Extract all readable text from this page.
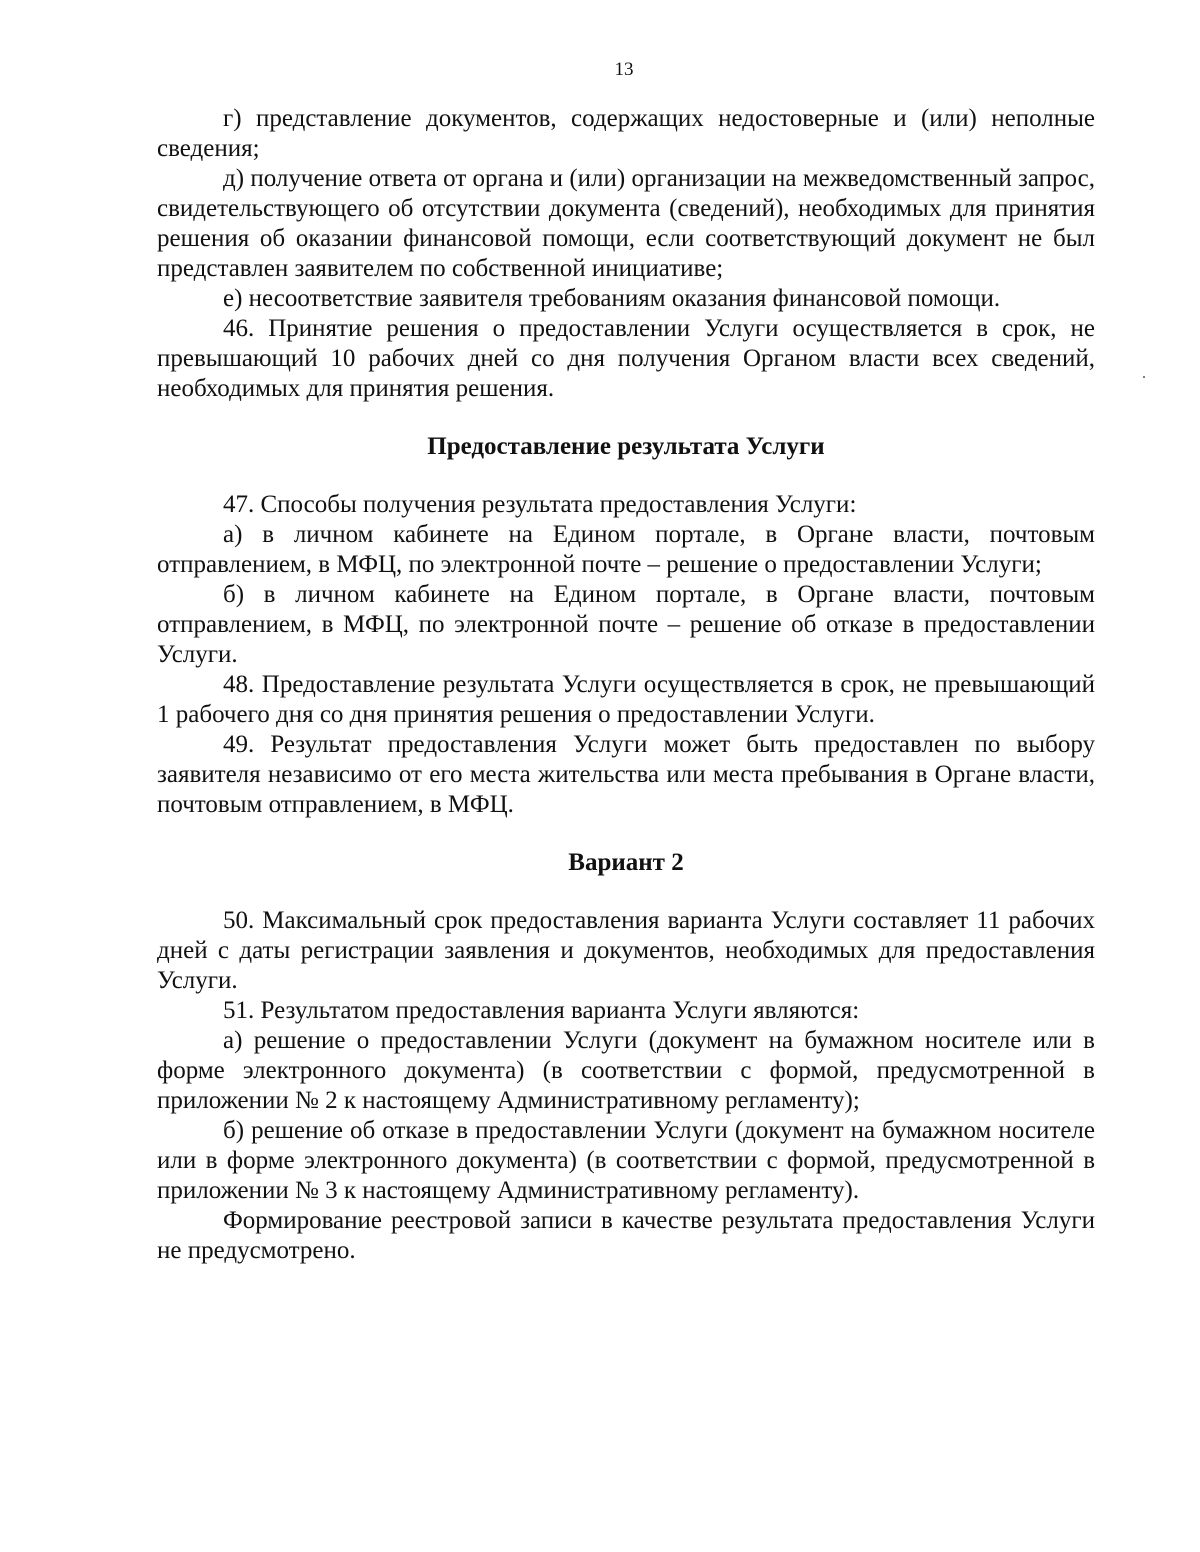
13

г) представление документов, содержащих недостоверные и (или) неполные сведения;

д) получение ответа от органа и (или) организации на межведомственный запрос, свидетельствующего об отсутствии документа (сведений), необходимых для принятия решения об оказании финансовой помощи, если соответствующий документ не был представлен заявителем по собственной инициативе;

е) несоответствие заявителя требованиям оказания финансовой помощи.

46. Принятие решения о предоставлении Услуги осуществляется в срок, не превышающий 10 рабочих дней со дня получения Органом власти всех сведений, необходимых для принятия решения.

Предоставление результата Услуги

47. Способы получения результата предоставления Услуги:

а) в личном кабинете на Едином портале, в Органе власти, почтовым отправлением, в МФЦ, по электронной почте – решение о предоставлении Услуги;

б) в личном кабинете на Едином портале, в Органе власти, почтовым отправлением, в МФЦ, по электронной почте – решение об отказе в предоставлении Услуги.

48. Предоставление результата Услуги осуществляется в срок, не превышающий 1 рабочего дня со дня принятия решения о предоставлении Услуги.

49. Результат предоставления Услуги может быть предоставлен по выбору заявителя независимо от его места жительства или места пребывания в Органе власти, почтовым отправлением, в МФЦ.

Вариант 2

50. Максимальный срок предоставления варианта Услуги составляет 11 рабочих дней с даты регистрации заявления и документов, необходимых для предоставления Услуги.

51. Результатом предоставления варианта Услуги являются:

а) решение о предоставлении Услуги (документ на бумажном носителе или в форме электронного документа) (в соответствии с формой, предусмотренной в приложении № 2 к настоящему Административному регламенту);

б) решение об отказе в предоставлении Услуги (документ на бумажном носителе или в форме электронного документа) (в соответствии с формой, предусмотренной в приложении № 3 к настоящему Административному регламенту).

Формирование реестровой записи в качестве результата предоставления Услуги не предусмотрено.
